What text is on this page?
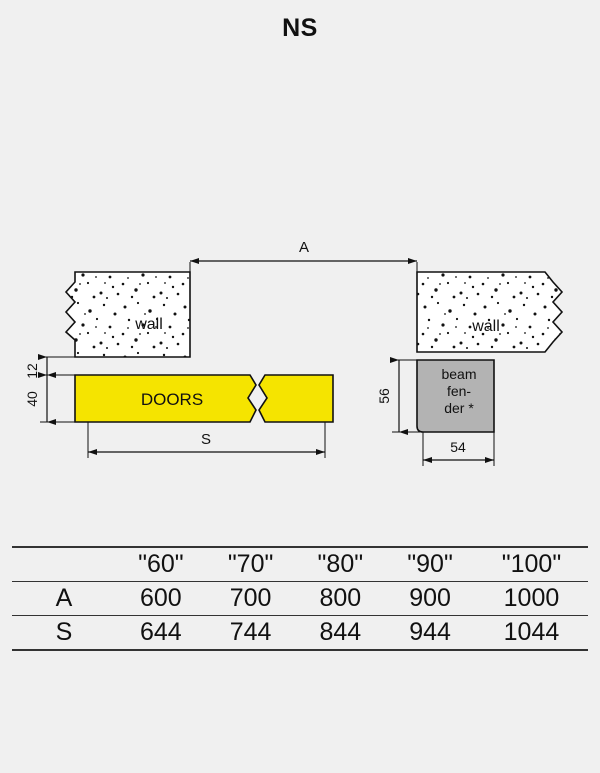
NS
wall	wall
DOORS
beam
fen-
der *
A
S
12
40	56
54
	"60"	"70"	"80"	"90"	"100"
A	600	700	800	900	1000
S	644	744	844	944	1044
